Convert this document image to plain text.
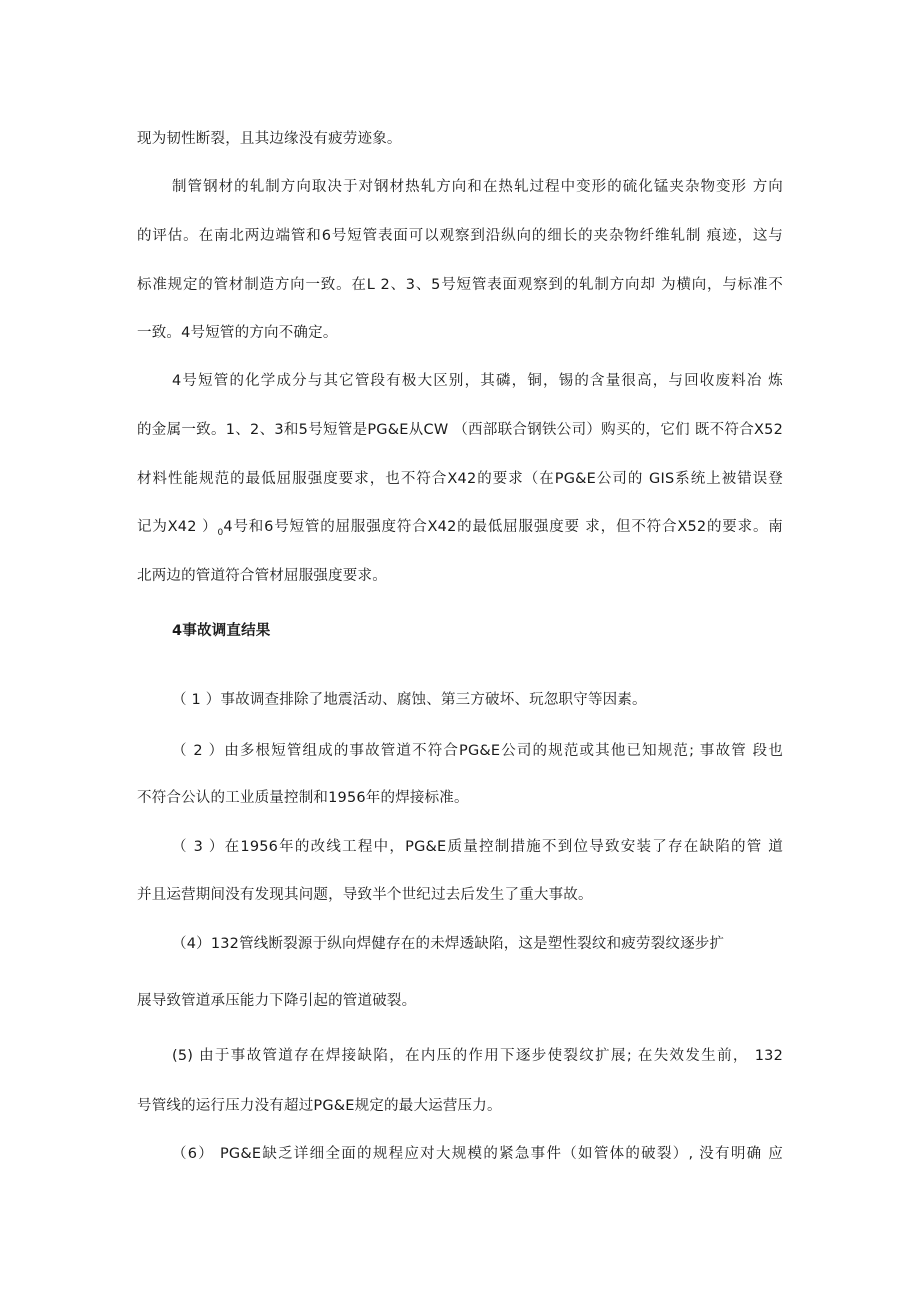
现为韧性断裂，且其边缘没有疲劳迹象。
制管钢材的轧制方向取决于对钢材热轧方向和在热轧过程中变形的硫化锰夹杂物变形 方向
的评估。在南北两边端管和6号短管表面可以观察到沿纵向的细长的夹杂物纤维轧制 痕迹，这与
标准规定的管材制造方向一致。在L 2、3、5号短管表面观察到的轧制方向却 为横向，与标准不
一致。4号短管的方向不确定。
4号短管的化学成分与其它管段有极大区别，其磷，铜，锡的含量很高，与回收废料冶 炼
的金属一致。1、2、3和5号短管是PG&E从CW （西部联合钢铁公司）购买的，它们 既不符合X52
材料性能规范的最低屈服强度要求，也不符合X42的要求（在PG&E公司的 GIS系统上被错误登
记为X42 ）$_04$号和6号短管的屈服强度符合X42的最低屈服强度要 求，但不符合X52的要求。南
北两边的管道符合管材屈服强度要求。
4事故调直结果
（ 1 ）事故调查排除了地震活动、腐蚀、第三方破坏、玩忽职守等因素。
（ 2 ）由多根短管组成的事故管道不符合PG&E公司的规范或其他已知规范; 事故管 段也
不符合公认的工业质量控制和1956年的焊接标准。
（ 3 ）在1956年的改线工程中，PG&E质量控制措施不到位导致安装了存在缺陷的管 道
并且运营期间没有发现其问题，导致半个世纪过去后发生了重大事故。
（4）132管线断裂源于纵向焊健存在的未焊透缺陷，这是塑性裂纹和疲劳裂纹逐步扩
展导致管道承压能力下降引起的管道破裂。
(5) 由于事故管道存在焊接缺陷，在内压的作用下逐步使裂纹扩展; 在失效发生前， 132
号管线的运行压力没有超过PG&E规定的最大运营压力。
（6） PG&E缺乏详细全面的规程应对大规模的紧急事件（如管体的破裂）, 没有明确 应
